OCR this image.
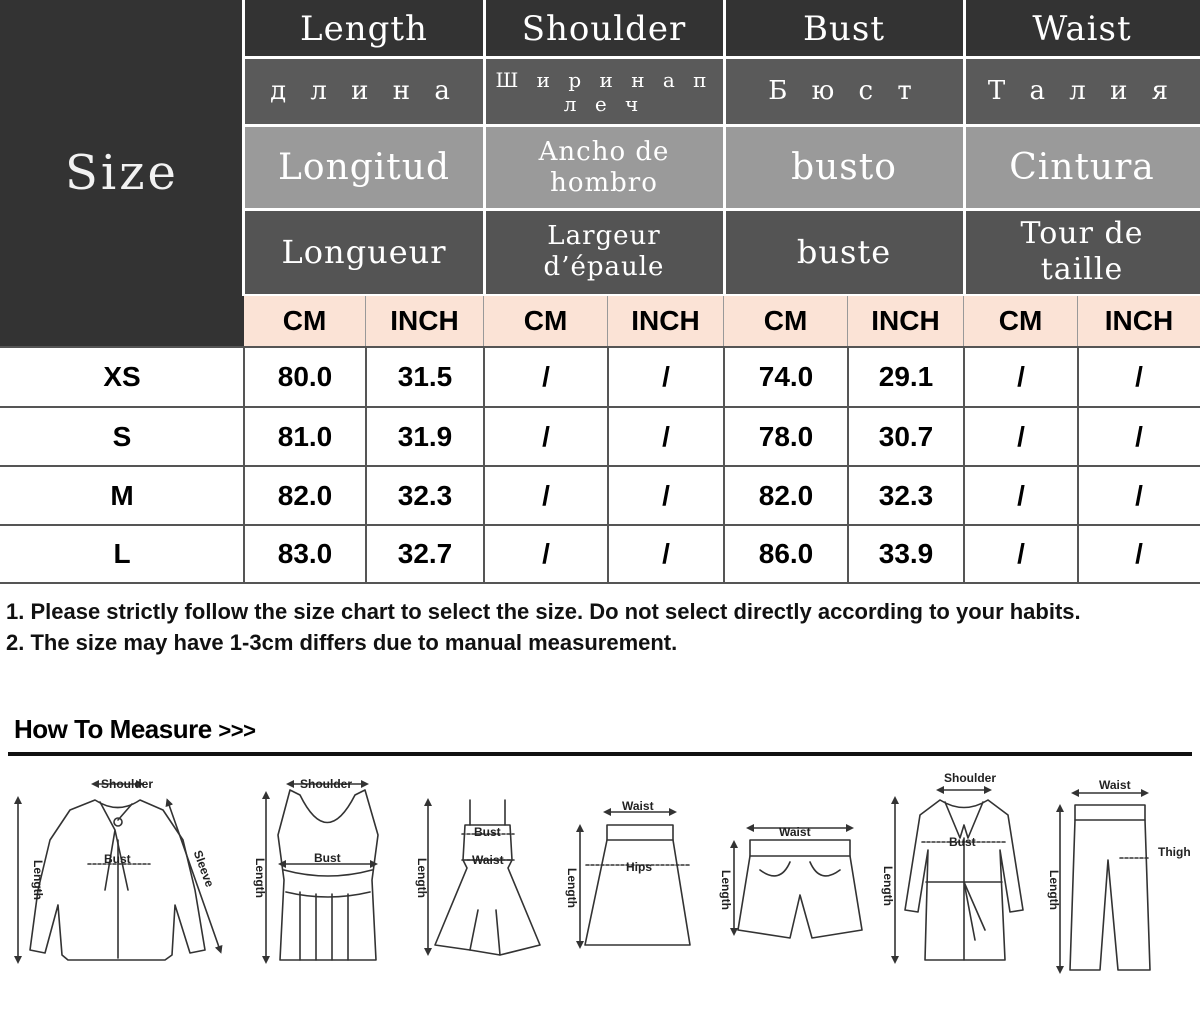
Size
Length	Shoulder	Bust	Waist
д л и н а	Ш и р и н а п л е ч	Б ю с т	Т а л и я
Longitud	Ancho de hombro	busto	Cintura
Longueur	Largeur d’épaule	buste	Tour de taille
CM	INCH	CM	INCH	CM	INCH	CM	INCH
XS	80.0	31.5	/	/	74.0	29.1	/	/
S	81.0	31.9	/	/	78.0	30.7	/	/
M	82.0	32.3	/	/	82.0	32.3	/	/
L	83.0	32.7	/	/	86.0	33.9	/	/

1. Please strictly follow the size chart to select the size. Do not select directly according to your habits.

2. The size may have 1-3cm differs due to manual measurement.

How To Measure >>>
Shoulder
Bust
Length	Sleeve
Shoulder
Bust
Length
Bust
Waist
Length
Waist
Hips
Length
Waist
Length
Shoulder
Bust
Length
Waist
Thigh
Length
